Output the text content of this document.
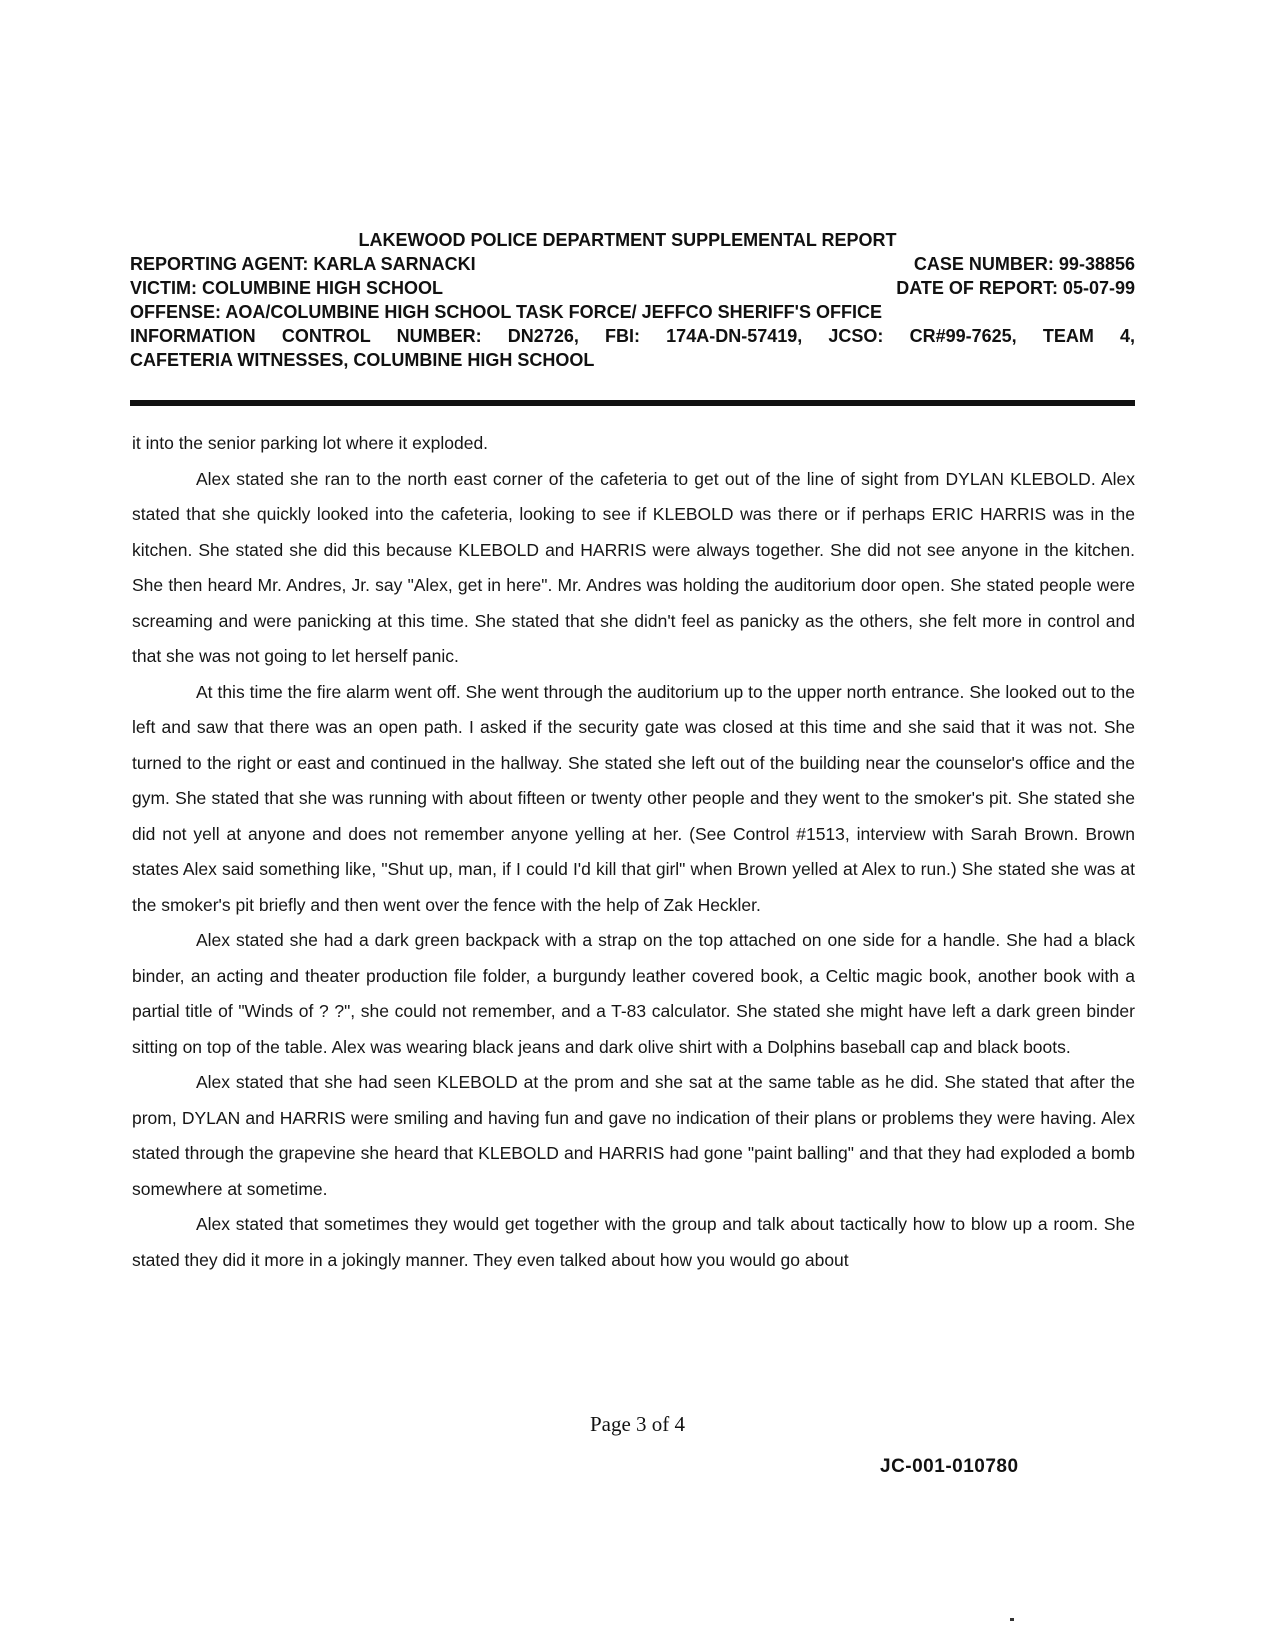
LAKEWOOD POLICE DEPARTMENT SUPPLEMENTAL REPORT
REPORTING AGENT: KARLA SARNACKI	CASE NUMBER: 99-38856
VICTIM: COLUMBINE HIGH SCHOOL	DATE OF REPORT: 05-07-99
OFFENSE: AOA/COLUMBINE HIGH SCHOOL TASK FORCE/ JEFFCO SHERIFF'S OFFICE
INFORMATION CONTROL NUMBER: DN2726, FBI: 174A-DN-57419, JCSO: CR#99-7625, TEAM 4,
CAFETERIA WITNESSES, COLUMBINE HIGH SCHOOL

it into the senior parking lot where it exploded.

Alex stated she ran to the north east corner of the cafeteria to get out of the line of sight from DYLAN KLEBOLD. Alex stated that she quickly looked into the cafeteria, looking to see if KLEBOLD was there or if perhaps ERIC HARRIS was in the kitchen. She stated she did this because KLEBOLD and HARRIS were always together. She did not see anyone in the kitchen. She then heard Mr. Andres, Jr. say "Alex, get in here". Mr. Andres was holding the auditorium door open. She stated people were screaming and were panicking at this time. She stated that she didn't feel as panicky as the others, she felt more in control and that she was not going to let herself panic.

At this time the fire alarm went off. She went through the auditorium up to the upper north entrance. She looked out to the left and saw that there was an open path. I asked if the security gate was closed at this time and she said that it was not. She turned to the right or east and continued in the hallway. She stated she left out of the building near the counselor's office and the gym. She stated that she was running with about fifteen or twenty other people and they went to the smoker's pit. She stated she did not yell at anyone and does not remember anyone yelling at her. (See Control #1513, interview with Sarah Brown. Brown states Alex said something like, "Shut up, man, if I could I'd kill that girl" when Brown yelled at Alex to run.) She stated she was at the smoker's pit briefly and then went over the fence with the help of Zak Heckler.

Alex stated she had a dark green backpack with a strap on the top attached on one side for a handle. She had a black binder, an acting and theater production file folder, a burgundy leather covered book, a Celtic magic book, another book with a partial title of "Winds of ? ?", she could not remember, and a T-83 calculator. She stated she might have left a dark green binder sitting on top of the table. Alex was wearing black jeans and dark olive shirt with a Dolphins baseball cap and black boots.

Alex stated that she had seen KLEBOLD at the prom and she sat at the same table as he did. She stated that after the prom, DYLAN and HARRIS were smiling and having fun and gave no indication of their plans or problems they were having. Alex stated through the grapevine she heard that KLEBOLD and HARRIS had gone "paint balling" and that they had exploded a bomb somewhere at sometime.

Alex stated that sometimes they would get together with the group and talk about tactically how to blow up a room. She stated they did it more in a jokingly manner. They even talked about how you would go about

Page 3 of 4
JC-001-010780
